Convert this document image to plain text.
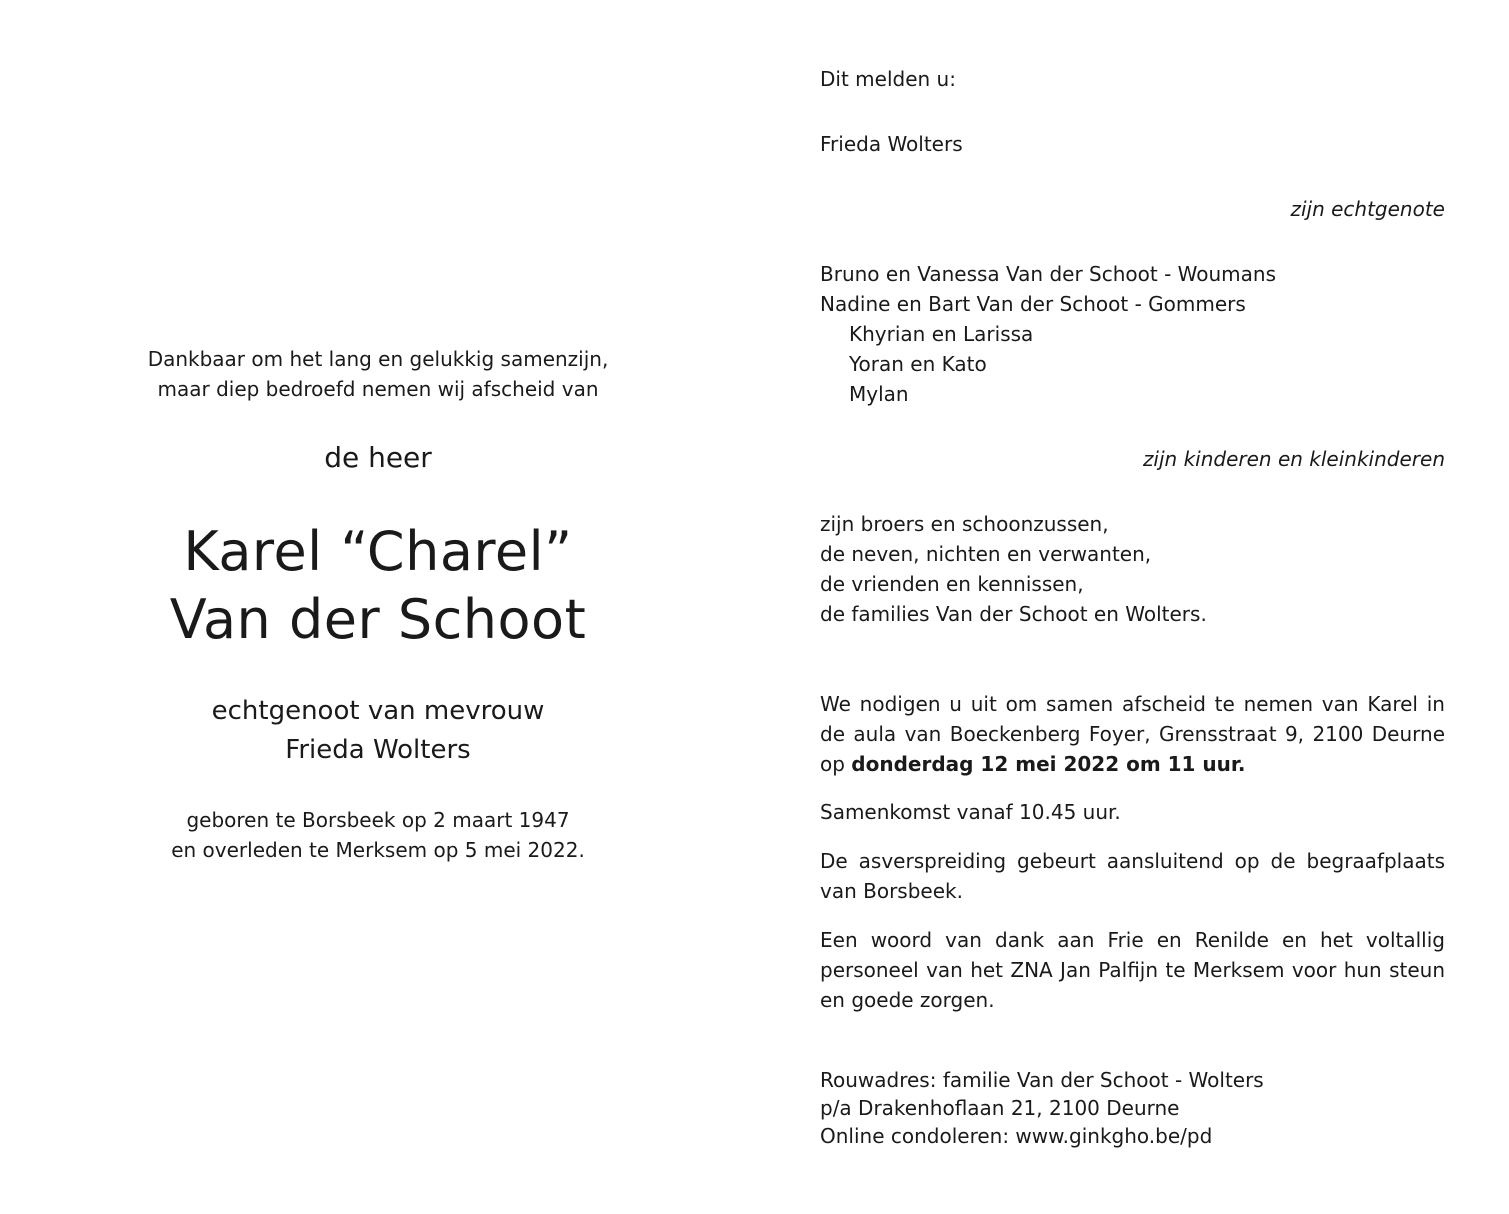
Dankbaar om het lang en gelukkig samenzijn,
maar diep bedroefd nemen wij afscheid van
de heer
Karel “Charel”
Van der Schoot
echtgenoot van mevrouw
Frieda Wolters
geboren te Borsbeek op 2 maart 1947
en overleden te Merksem op 5 mei 2022.
Dit melden u:
Frieda Wolters
zijn echtgenote
Bruno en Vanessa Van der Schoot - Woumans
Nadine en Bart Van der Schoot - Gommers
Khyrian en Larissa
Yoran en Kato
Mylan
zijn kinderen en kleinkinderen
zijn broers en schoonzussen,
de neven, nichten en verwanten,
de vrienden en kennissen,
de families Van der Schoot en Wolters.
We nodigen u uit om samen afscheid te nemen van Karel in de aula van Boeckenberg Foyer, Grensstraat 9, 2100 Deurne op donderdag 12 mei 2022 om 11 uur.
Samenkomst vanaf 10.45 uur.
De asverspreiding gebeurt aansluitend op de begraafplaats van Borsbeek.
Een woord van dank aan Frie en Renilde en het voltallig personeel van het ZNA Jan Palfijn te Merksem voor hun steun en goede zorgen.
Rouwadres: familie Van der Schoot - Wolters
p/a Drakenhoflaan 21, 2100 Deurne
Online condoleren: www.ginkgho.be/pd
